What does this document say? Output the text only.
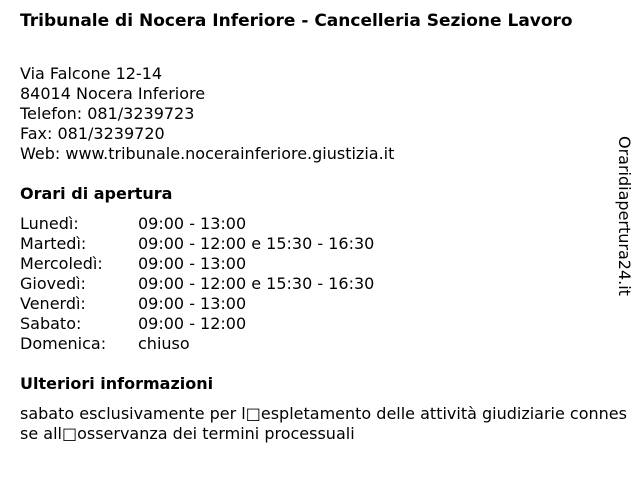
Tribunale di Nocera Inferiore - Cancelleria Sezione Lavoro
Via Falcone 12-14
84014 Nocera Inferiore
Telefon: 081/3239723
Fax: 081/3239720
Web: www.tribunale.nocerainferiore.giustizia.it
Orari di apertura
Lunedì:	09:00 - 13:00
Martedì:	09:00 - 12:00 e 15:30 - 16:30
Mercoledì: 09:00 - 13:00
Giovedì:	09:00 - 12:00 e 15:30 - 16:30
Venerdì:	09:00 - 13:00
Sabato:	09:00 - 12:00
Domenica: chiuso
Ulteriori informazioni
sabato esclusivamente per l□espletamento delle attività giudiziarie connesse all□osservanza dei termini processuali
Oraridiapertura24.it
